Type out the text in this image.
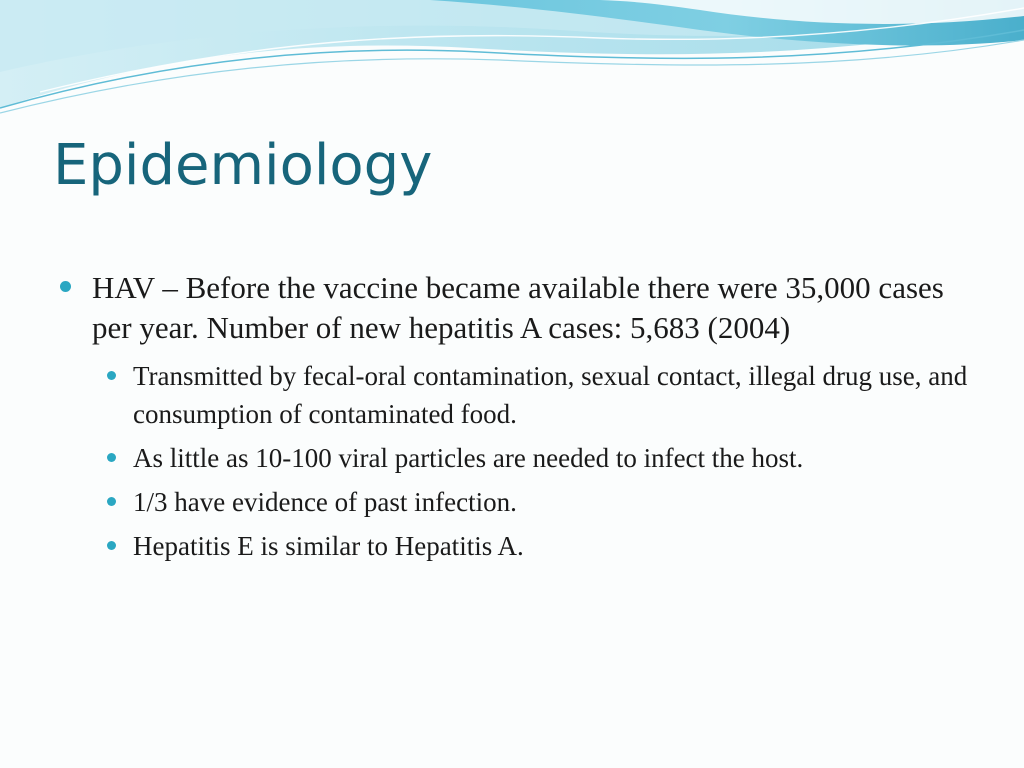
Epidemiology
HAV – Before the vaccine became available there were 35,000 cases per year. Number of new hepatitis A cases: 5,683 (2004)
Transmitted by fecal-oral contamination, sexual contact, illegal drug use, and consumption of contaminated food.
As little as 10-100 viral particles are needed to infect the host.
1/3 have evidence of past infection.
Hepatitis E is similar to Hepatitis A.
